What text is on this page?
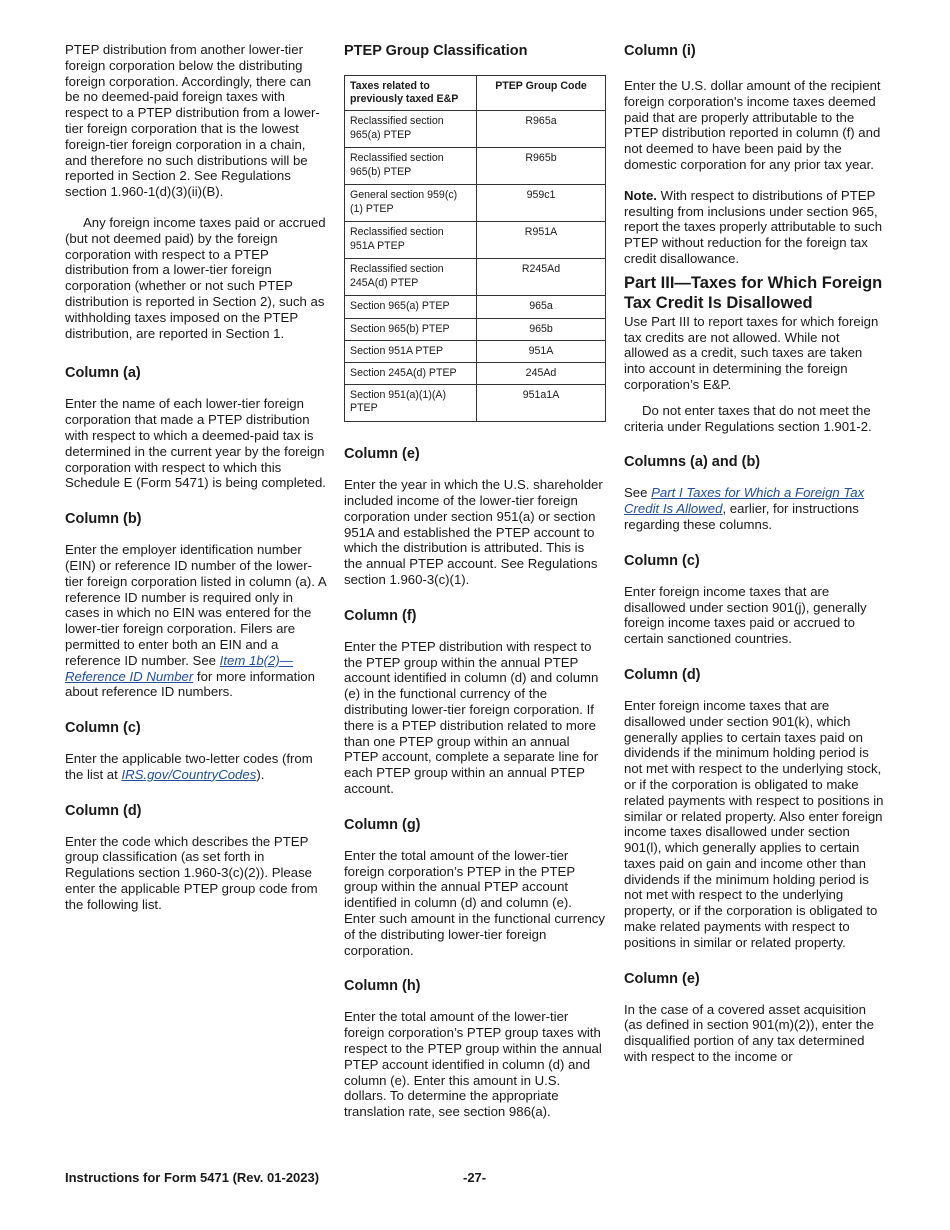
PTEP distribution from another lower-tier foreign corporation below the distributing foreign corporation. Accordingly, there can be no deemed-paid foreign taxes with respect to a PTEP distribution from a lower-tier foreign corporation that is the lowest foreign-tier foreign corporation in a chain, and therefore no such distributions will be reported in Section 2. See Regulations section 1.960-1(d)(3)(ii)(B).

Any foreign income taxes paid or accrued (but not deemed paid) by the foreign corporation with respect to a PTEP distribution from a lower-tier foreign corporation (whether or not such PTEP distribution is reported in Section 2), such as withholding taxes imposed on the PTEP distribution, are reported in Section 1.

Column (a)

Enter the name of each lower-tier foreign corporation that made a PTEP distribution with respect to which a deemed-paid tax is determined in the current year by the foreign corporation with respect to which this Schedule E (Form 5471) is being completed.

Column (b)

Enter the employer identification number (EIN) or reference ID number of the lower-tier foreign corporation listed in column (a). A reference ID number is required only in cases in which no EIN was entered for the lower-tier foreign corporation. Filers are permitted to enter both an EIN and a reference ID number. See Item 1b(2)—Reference ID Number for more information about reference ID numbers.

Column (c)

Enter the applicable two-letter codes (from the list at IRS.gov/CountryCodes).

Column (d)

Enter the code which describes the PTEP group classification (as set forth in Regulations section 1.960-3(c)(2)). Please enter the applicable PTEP group code from the following list.

PTEP Group Classification
Taxes related to previously taxed E&P	PTEP Group Code
Reclassified section 965(a) PTEP	R965a
Reclassified section 965(b) PTEP	R965b
General section 959(c) (1) PTEP	959c1
Reclassified section 951A PTEP	R951A
Reclassified section 245A(d) PTEP	R245Ad
Section 965(a) PTEP	965a
Section 965(b) PTEP	965b
Section 951A PTEP	951A
Section 245A(d) PTEP	245Ad
Section 951(a)(1)(A) PTEP	951a1A
Column (e)

Enter the year in which the U.S. shareholder included income of the lower-tier foreign corporation under section 951(a) or section 951A and established the PTEP account to which the distribution is attributed. This is the annual PTEP account. See Regulations section 1.960-3(c)(1).

Column (f)

Enter the PTEP distribution with respect to the PTEP group within the annual PTEP account identified in column (d) and column (e) in the functional currency of the distributing lower-tier foreign corporation. If there is a PTEP distribution related to more than one PTEP group within an annual PTEP account, complete a separate line for each PTEP group within an annual PTEP account.

Column (g)

Enter the total amount of the lower-tier foreign corporation’s PTEP in the PTEP group within the annual PTEP account identified in column (d) and column (e). Enter such amount in the functional currency of the distributing lower-tier foreign corporation.

Column (h)

Enter the total amount of the lower-tier foreign corporation’s PTEP group taxes with respect to the PTEP group within the annual PTEP account identified in column (d) and column (e). Enter this amount in U.S. dollars. To determine the appropriate translation rate, see section 986(a).

Column (i)

Enter the U.S. dollar amount of the recipient foreign corporation's income taxes deemed paid that are properly attributable to the PTEP distribution reported in column (f) and not deemed to have been paid by the domestic corporation for any prior tax year.

Note. With respect to distributions of PTEP resulting from inclusions under section 965, report the taxes properly attributable to such PTEP without reduction for the foreign tax credit disallowance.

Part III—Taxes for Which Foreign Tax Credit Is Disallowed

Use Part III to report taxes for which foreign tax credits are not allowed. While not allowed as a credit, such taxes are taken into account in determining the foreign corporation’s E&P.

Do not enter taxes that do not meet the criteria under Regulations section 1.901-2.

Columns (a) and (b)

See Part I Taxes for Which a Foreign Tax Credit Is Allowed, earlier, for instructions regarding these columns.

Column (c)

Enter foreign income taxes that are disallowed under section 901(j), generally foreign income taxes paid or accrued to certain sanctioned countries.

Column (d)

Enter foreign income taxes that are disallowed under section 901(k), which generally applies to certain taxes paid on dividends if the minimum holding period is not met with respect to the underlying stock, or if the corporation is obligated to make related payments with respect to positions in similar or related property. Also enter foreign income taxes disallowed under section 901(l), which generally applies to certain taxes paid on gain and income other than dividends if the minimum holding period is not met with respect to the underlying property, or if the corporation is obligated to make related payments with respect to positions in similar or related property.

Column (e)

In the case of a covered asset acquisition (as defined in section 901(m)(2)), enter the disqualified portion of any tax determined with respect to the income or

Instructions for Form 5471 (Rev. 01-2023)	-27-
